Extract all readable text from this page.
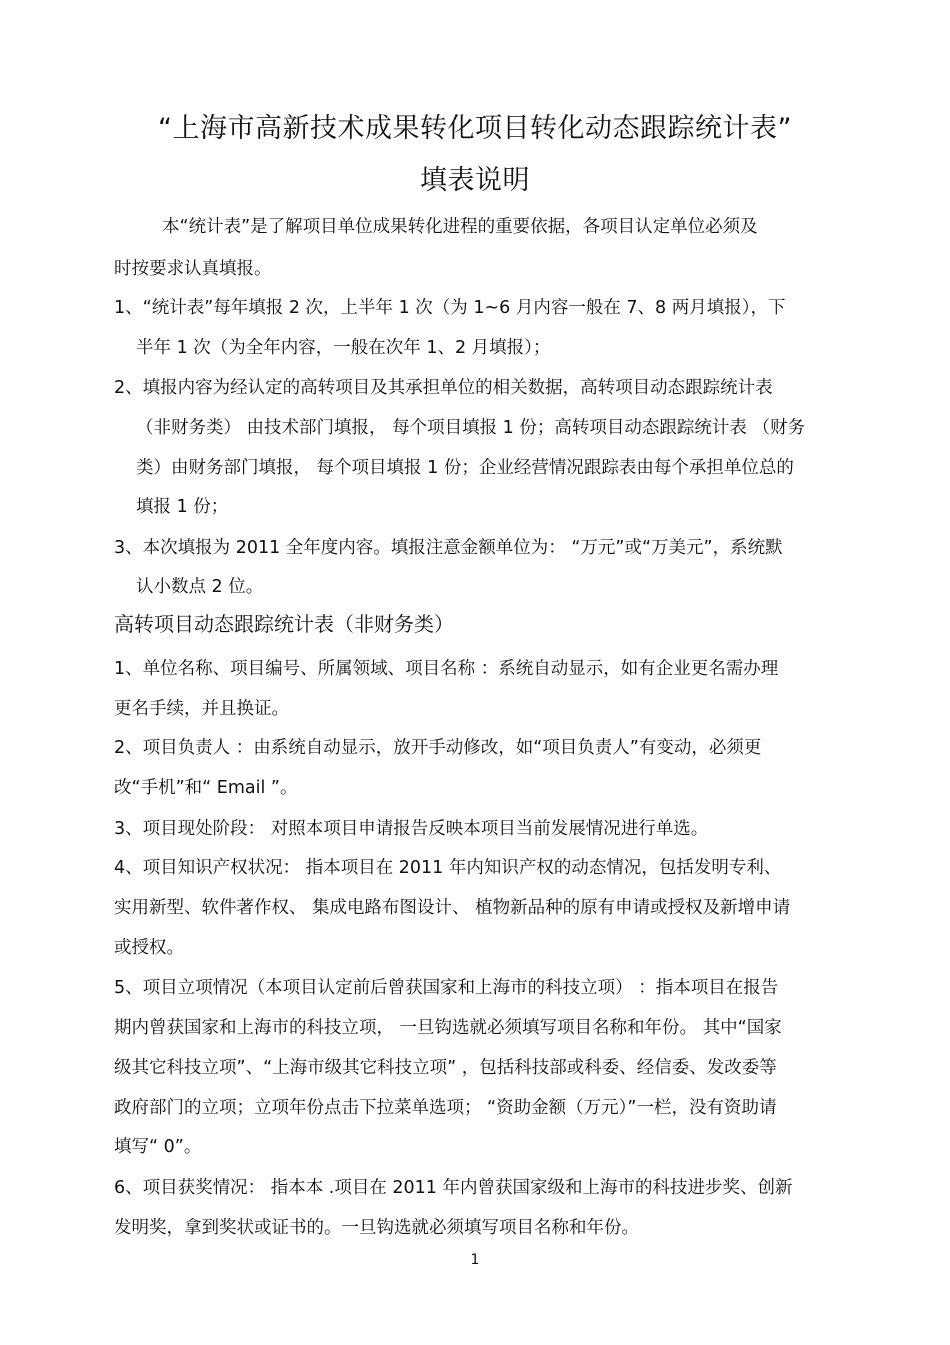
“上海市高新技术成果转化项目转化动态跟踪统计表”
填表说明
本“统计表”是了解项目单位成果转化进程的重要依据，各项目认定单位必须及
时按要求认真填报。
1、“统计表”每年填报 2 次，上半年 1 次（为 1~6 月内容一般在 7、8 两月填报），下
半年 1 次（为全年内容，一般在次年 1、2 月填报）；
2、填报内容为经认定的高转项目及其承担单位的相关数据，高转项目动态跟踪统计表
（非财务类） 由技术部门填报， 每个项目填报 1 份；高转项目动态跟踪统计表 （财务
类）由财务部门填报， 每个项目填报 1 份；企业经营情况跟踪表由每个承担单位总的
填报 1 份；
3、本次填报为 2011 全年度内容。填报注意金额单位为： “万元”或“万美元”，系统默
认小数点 2 位。
高转项目动态跟踪统计表（非财务类）
1、单位名称、项目编号、所属领域、项目名称 ：系统自动显示，如有企业更名需办理
更名手续，并且换证。
2、项目负责人 ：由系统自动显示，放开手动修改，如“项目负责人”有变动，必须更
改“手机”和“ Email ”。
3、项目现处阶段： 对照本项目申请报告反映本项目当前发展情况进行单选。
4、项目知识产权状况： 指本项目在 2011 年内知识产权的动态情况，包括发明专利、
实用新型、软件著作权、 集成电路布图设计、 植物新品种的原有申请或授权及新增申请
或授权。
5、项目立项情况（本项目认定前后曾获国家和上海市的科技立项） ：指本项目在报告
期内曾获国家和上海市的科技立项， 一旦钩选就必须填写项目名称和年份。 其中“国家
级其它科技立项”、“上海市级其它科技立项” ，包括科技部或科委、经信委、发改委等
政府部门的立项；立项年份点击下拉菜单选项； “资助金额（万元）”一栏，没有资助请
填写“ 0”。
6、项目获奖情况： 指本本 .项目在 2011 年内曾获国家级和上海市的科技进步奖、创新
发明奖，拿到奖状或证书的。一旦钩选就必须填写项目名称和年份。
1
